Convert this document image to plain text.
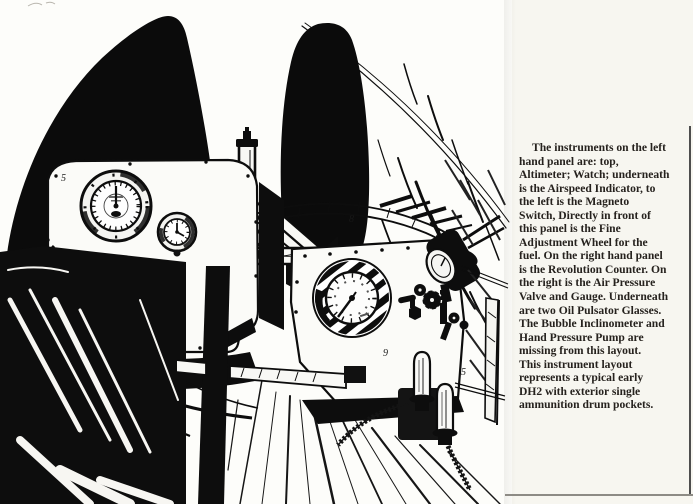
5
8
9
5
The instruments on the left
hand panel are: top,
Altimeter; Watch; underneath
is the Airspeed Indicator, to
the left is the Magneto
Switch, Directly in front of
this panel is the Fine
Adjustment Wheel for the
fuel. On the right hand panel
is the Revolution Counter. On
the right is the Air Pressure
Valve and Gauge. Underneath
are two Oil Pulsator Glasses.
The Bubble Inclinometer and
Hand Pressure Pump are
missing from this layout.
This instrument layout
represents a typical early
DH2 with exterior single
ammunition drum pockets.
